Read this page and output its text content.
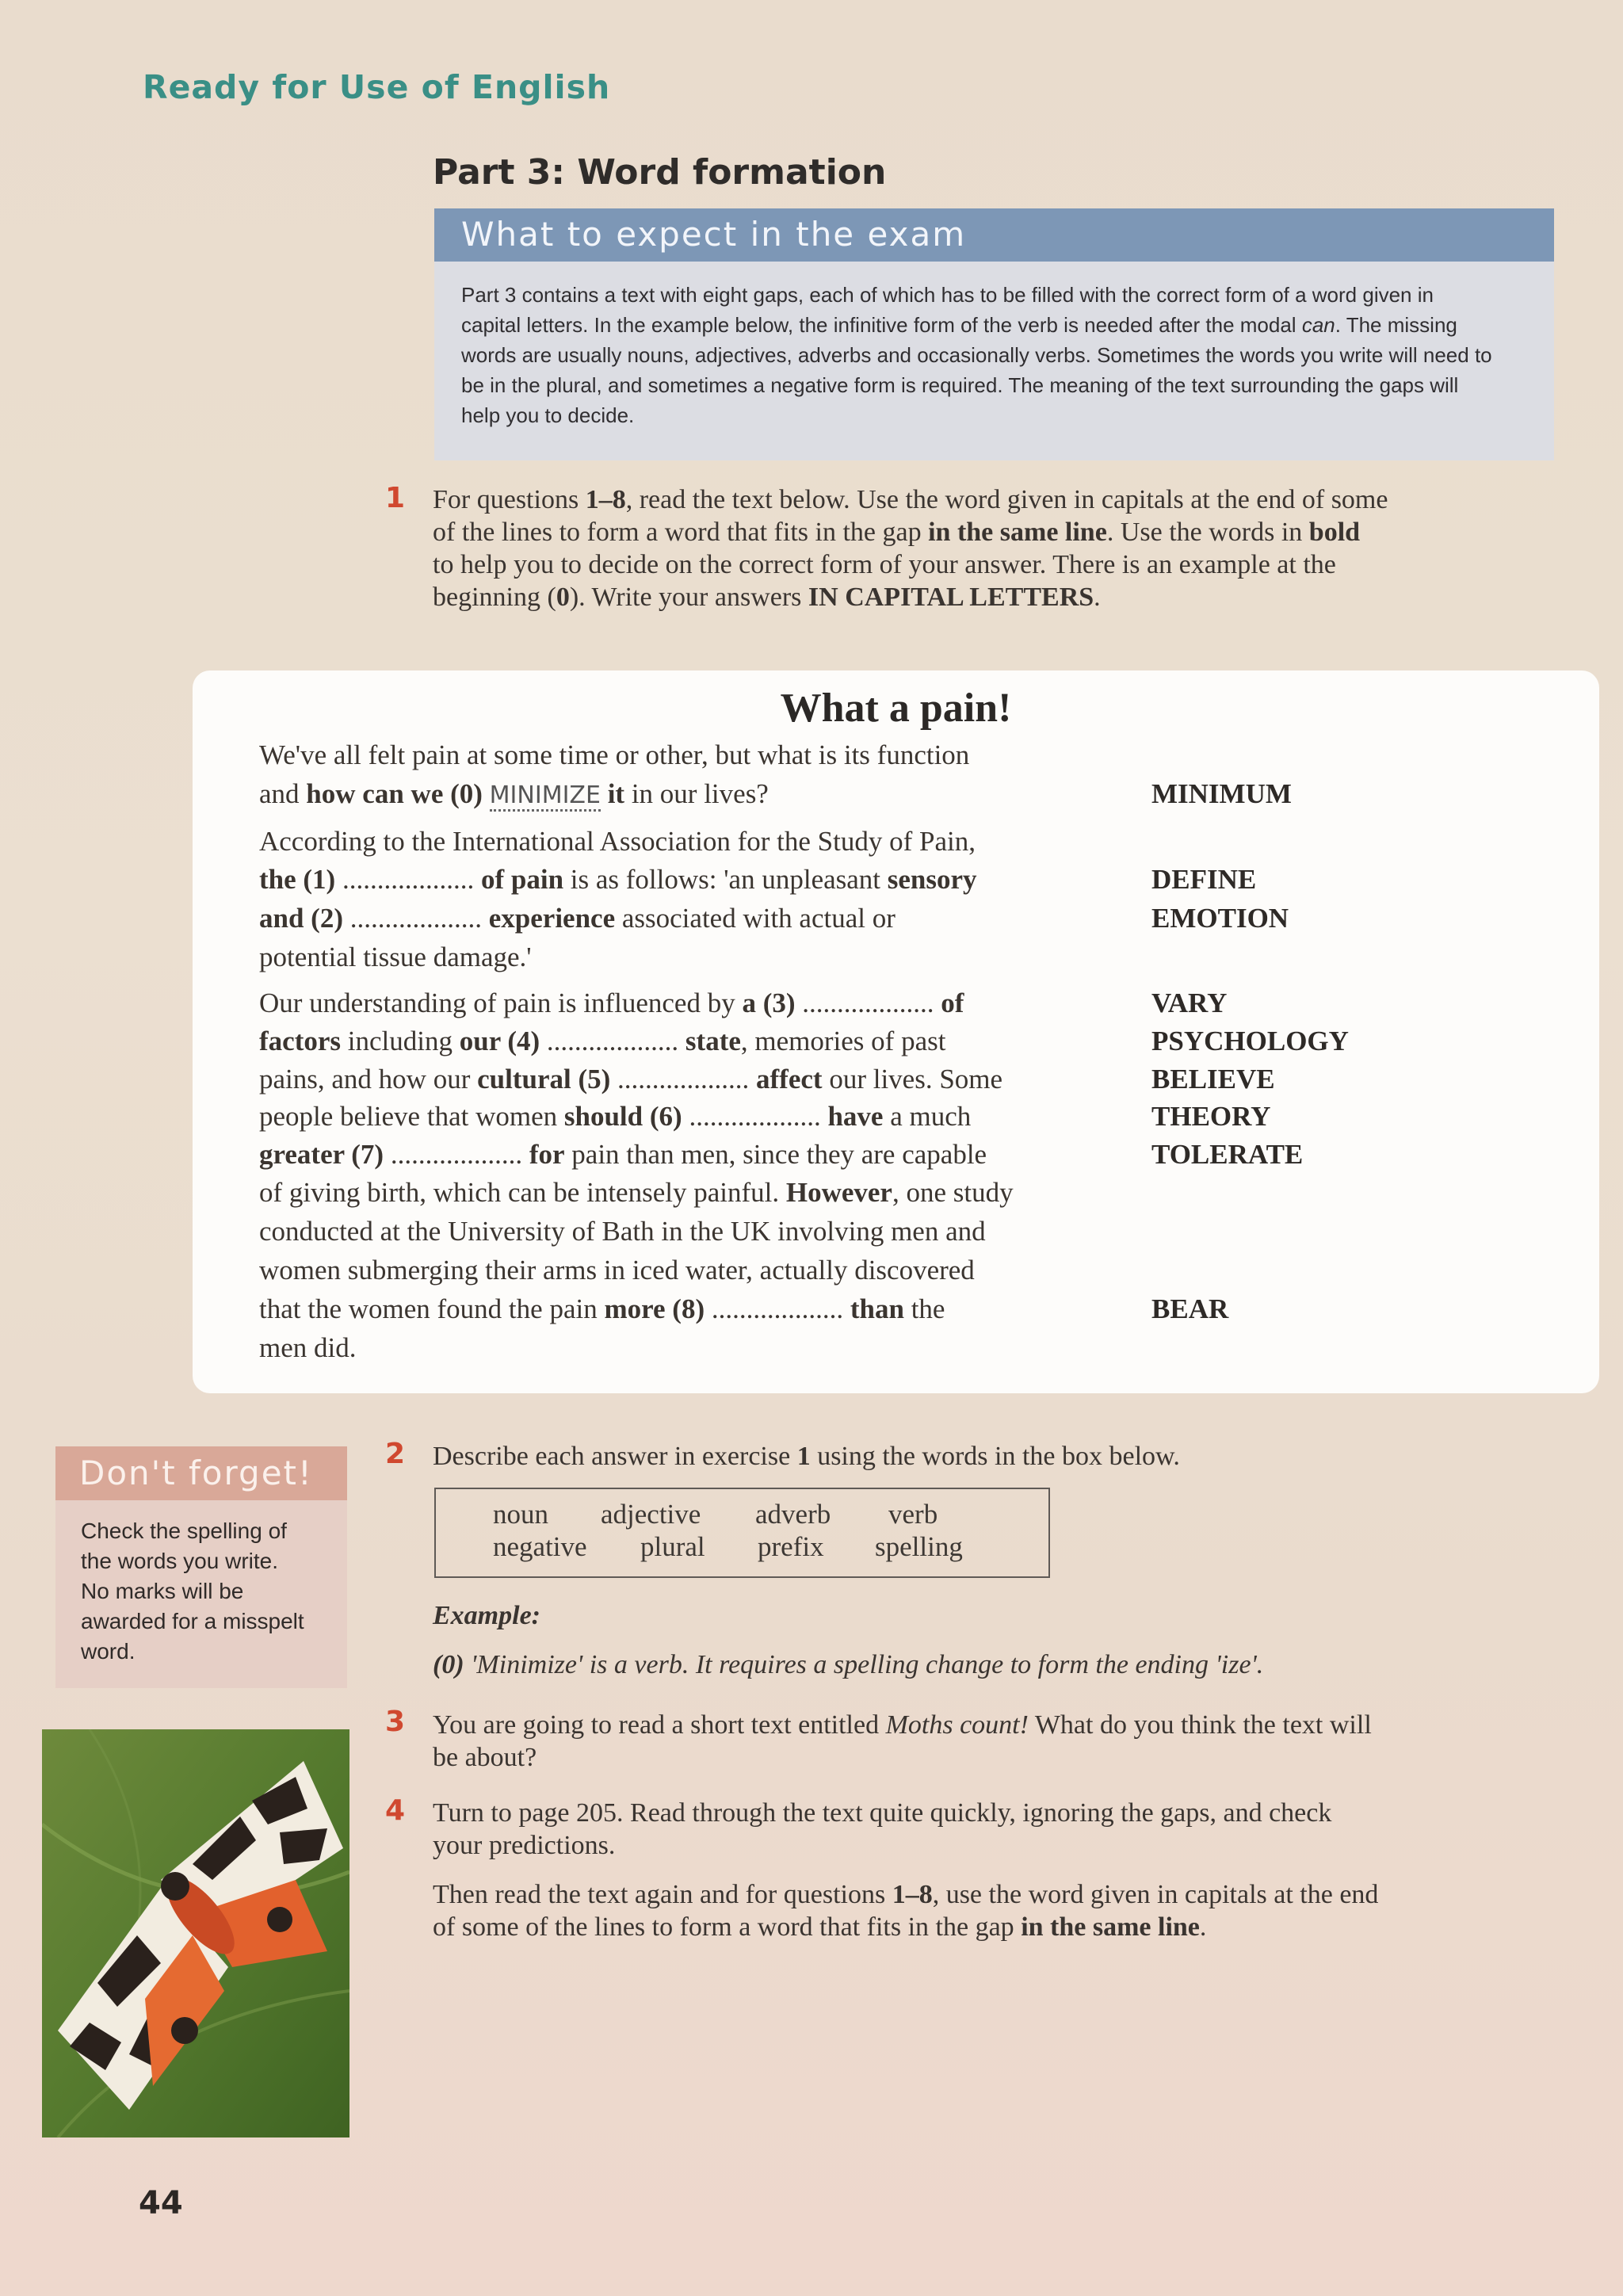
Ready for Use of English

Part 3: Word formation

What to expect in the exam

Part 3 contains a text with eight gaps, each of which has to be filled with the correct form of a word given in
capital letters. In the example below, the infinitive form of the verb is needed after the modal can. The missing
words are usually nouns, adjectives, adverbs and occasionally verbs. Sometimes the words you write will need to
be in the plural, and sometimes a negative form is required. The meaning of the text surrounding the gaps will
help you to decide.

1 For questions 1–8, read the text below. Use the word given in capitals at the end of some
of the lines to form a word that fits in the gap in the same line. Use the words in bold
to help you to decide on the correct form of your answer. There is an example at the
beginning (0). Write your answers IN CAPITAL LETTERS.

What a pain!

We've all felt pain at some time or other, but what is its function
and how can we (0) MINIMIZE it in our lives?	MINIMUM
According to the International Association for the Study of Pain,
the (1) ................... of pain is as follows: 'an unpleasant sensory	DEFINE
and (2) ................... experience associated with actual or	EMOTION
potential tissue damage.'
Our understanding of pain is influenced by a (3) ................... of	VARY
factors including our (4) ................... state, memories of past	PSYCHOLOGY
pains, and how our cultural (5) ................... affect our lives. Some	BELIEVE
people believe that women should (6) ................... have a much	THEORY
greater (7) ................... for pain than men, since they are capable	TOLERATE
of giving birth, which can be intensely painful. However, one study
conducted at the University of Bath in the UK involving men and
women submerging their arms in iced water, actually discovered
that the women found the pain more (8) ................... than the	BEAR
men did.
Don't forget!

Check the spelling of
the words you write.
No marks will be
awarded for a misspelt
word.

2 Describe each answer in exercise 1 using the words in the box below.

noun adjective adverb verb
negative plural prefix spelling

Example:

(0) 'Minimize' is a verb. It requires a spelling change to form the ending 'ize'.

3 You are going to read a short text entitled Moths count! What do you think the text will
be about?

4 Turn to page 205. Read through the text quite quickly, ignoring the gaps, and check
your predictions.

Then read the text again and for questions 1–8, use the word given in capitals at the end
of some of the lines to form a word that fits in the gap in the same line.

44
